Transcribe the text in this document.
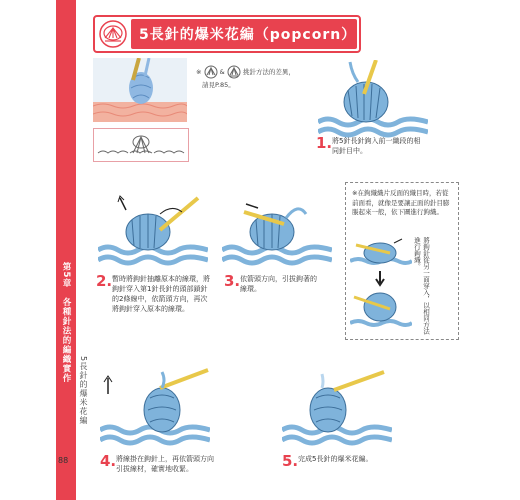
第5章　各種針法的編織實作
5長針的爆米花編
88
5長針的爆米花編（popcorn）
※	&	挑針方法的差異，
請見P.85。
1. 將5針長針鉤入前一織段的相同針目中。
2. 暫時將鉤針抽離原本的線環，將鉤針穿入第1針長針的頭部鎖針的2條線中，依箭頭方向，再次將鉤針穿入原本的線環。
3. 依箭頭方向，引拔鉤著的線環。
※在鉤織織片反面的織目時，若從前面看，就像是要讓正面的針目膨脹起來一般，依下圖進行鉤織。
將鉤針從另一面穿入，以相同方法進行鉤織。
4. 將線掛在鉤針上，再依箭頭方向引拔線材，確實地收緊。	5. 完成5長針的爆米花編。
